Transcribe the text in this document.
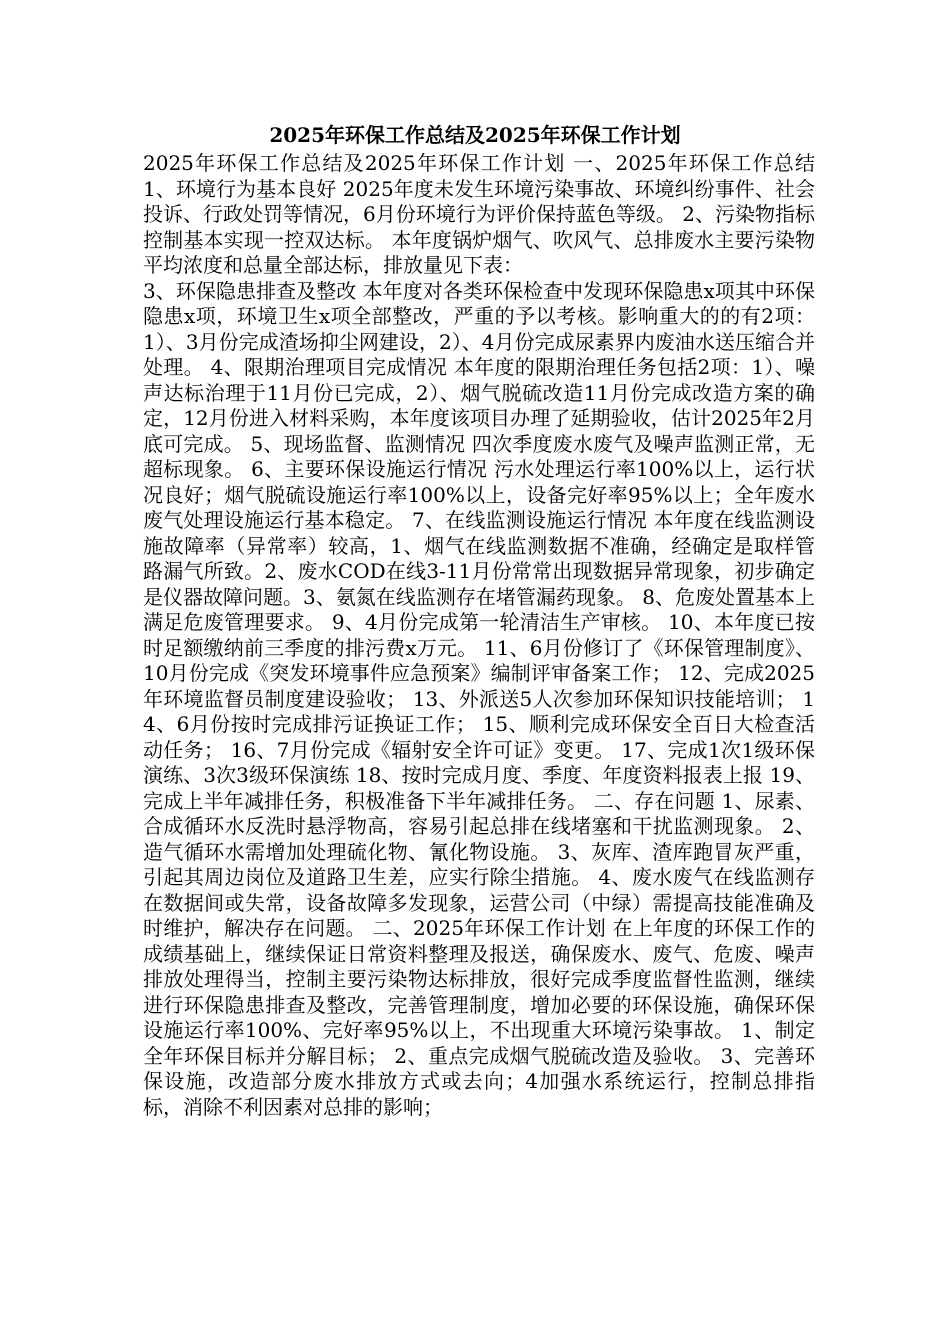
2025年环保工作总结及2025年环保工作计划

2025年环保工作总结及2025年环保工作计划 一、2025年环保工作总结 1、环境行为基本良好 2025年度未发生环境污染事故、环境纠纷事件、社会投诉、行政处罚等情况，6月份环境行为评价保持蓝色等级。 2、污染物指标控制基本实现一控双达标。 本年度锅炉烟气、吹风气、总排废水主要污染物平均浓度和总量全部达标，排放量见下表：

3、环保隐患排查及整改 本年度对各类环保检查中发现环保隐患x项其中环保隐患x项，环境卫生x项全部整改，严重的予以考核。影响重大的的有2项：1）、3月份完成渣场抑尘网建设，2）、4月份完成尿素界内废油水送压缩合并处理。 4、限期治理项目完成情况 本年度的限期治理任务包括2项：1）、噪声达标治理于11月份已完成，2）、烟气脱硫改造11月份完成改造方案的确定，12月份进入材料采购，本年度该项目办理了延期验收，估计2025年2月底可完成。 5、现场监督、监测情况 四次季度废水废气及噪声监测正常，无超标现象。 6、主要环保设施运行情况 污水处理运行率100%以上，运行状况良好；烟气脱硫设施运行率100%以上，设备完好率95%以上；全年废水废气处理设施运行基本稳定。 7、在线监测设施运行情况 本年度在线监测设施故障率（异常率）较高，1、烟气在线监测数据不准确，经确定是取样管路漏气所致。2、废水COD在线3-11月份常常出现数据异常现象，初步确定是仪器故障问题。3、氨氮在线监测存在堵管漏药现象。 8、危废处置基本上满足危废管理要求。 9、4月份完成第一轮清洁生产审核。 10、本年度已按时足额缴纳前三季度的排污费x万元。 11、6月份修订了《环保管理制度》、10月份完成《突发环境事件应急预案》编制评审备案工作； 12、完成2025年环境监督员制度建设验收； 13、外派送5人次参加环保知识技能培训； 14、6月份按时完成排污证换证工作； 15、顺利完成环保安全百日大检查活动任务； 16、7月份完成《辐射安全许可证》变更。 17、完成1次1级环保演练、3次3级环保演练 18、按时完成月度、季度、年度资料报表上报 19、完成上半年减排任务，积极准备下半年减排任务。 二、存在问题 1、尿素、合成循环水反洗时悬浮物高，容易引起总排在线堵塞和干扰监测现象。 2、造气循环水需增加处理硫化物、氰化物设施。 3、灰库、渣库跑冒灰严重，引起其周边岗位及道路卫生差，应实行除尘措施。 4、废水废气在线监测存在数据间或失常，设备故障多发现象，运营公司（中绿）需提高技能准确及时维护，解决存在问题。 二、2025年环保工作计划 在上年度的环保工作的成绩基础上，继续保证日常资料整理及报送，确保废水、废气、危废、噪声排放处理得当，控制主要污染物达标排放，很好完成季度监督性监测，继续进行环保隐患排查及整改，完善管理制度，增加必要的环保设施，确保环保设施运行率100%、完好率95%以上，不出现重大环境污染事故。 1、制定全年环保目标并分解目标； 2、重点完成烟气脱硫改造及验收。 3、完善环保设施，改造部分废水排放方式或去向；4加强水系统运行，控制总排指标，消除不利因素对总排的影响；
